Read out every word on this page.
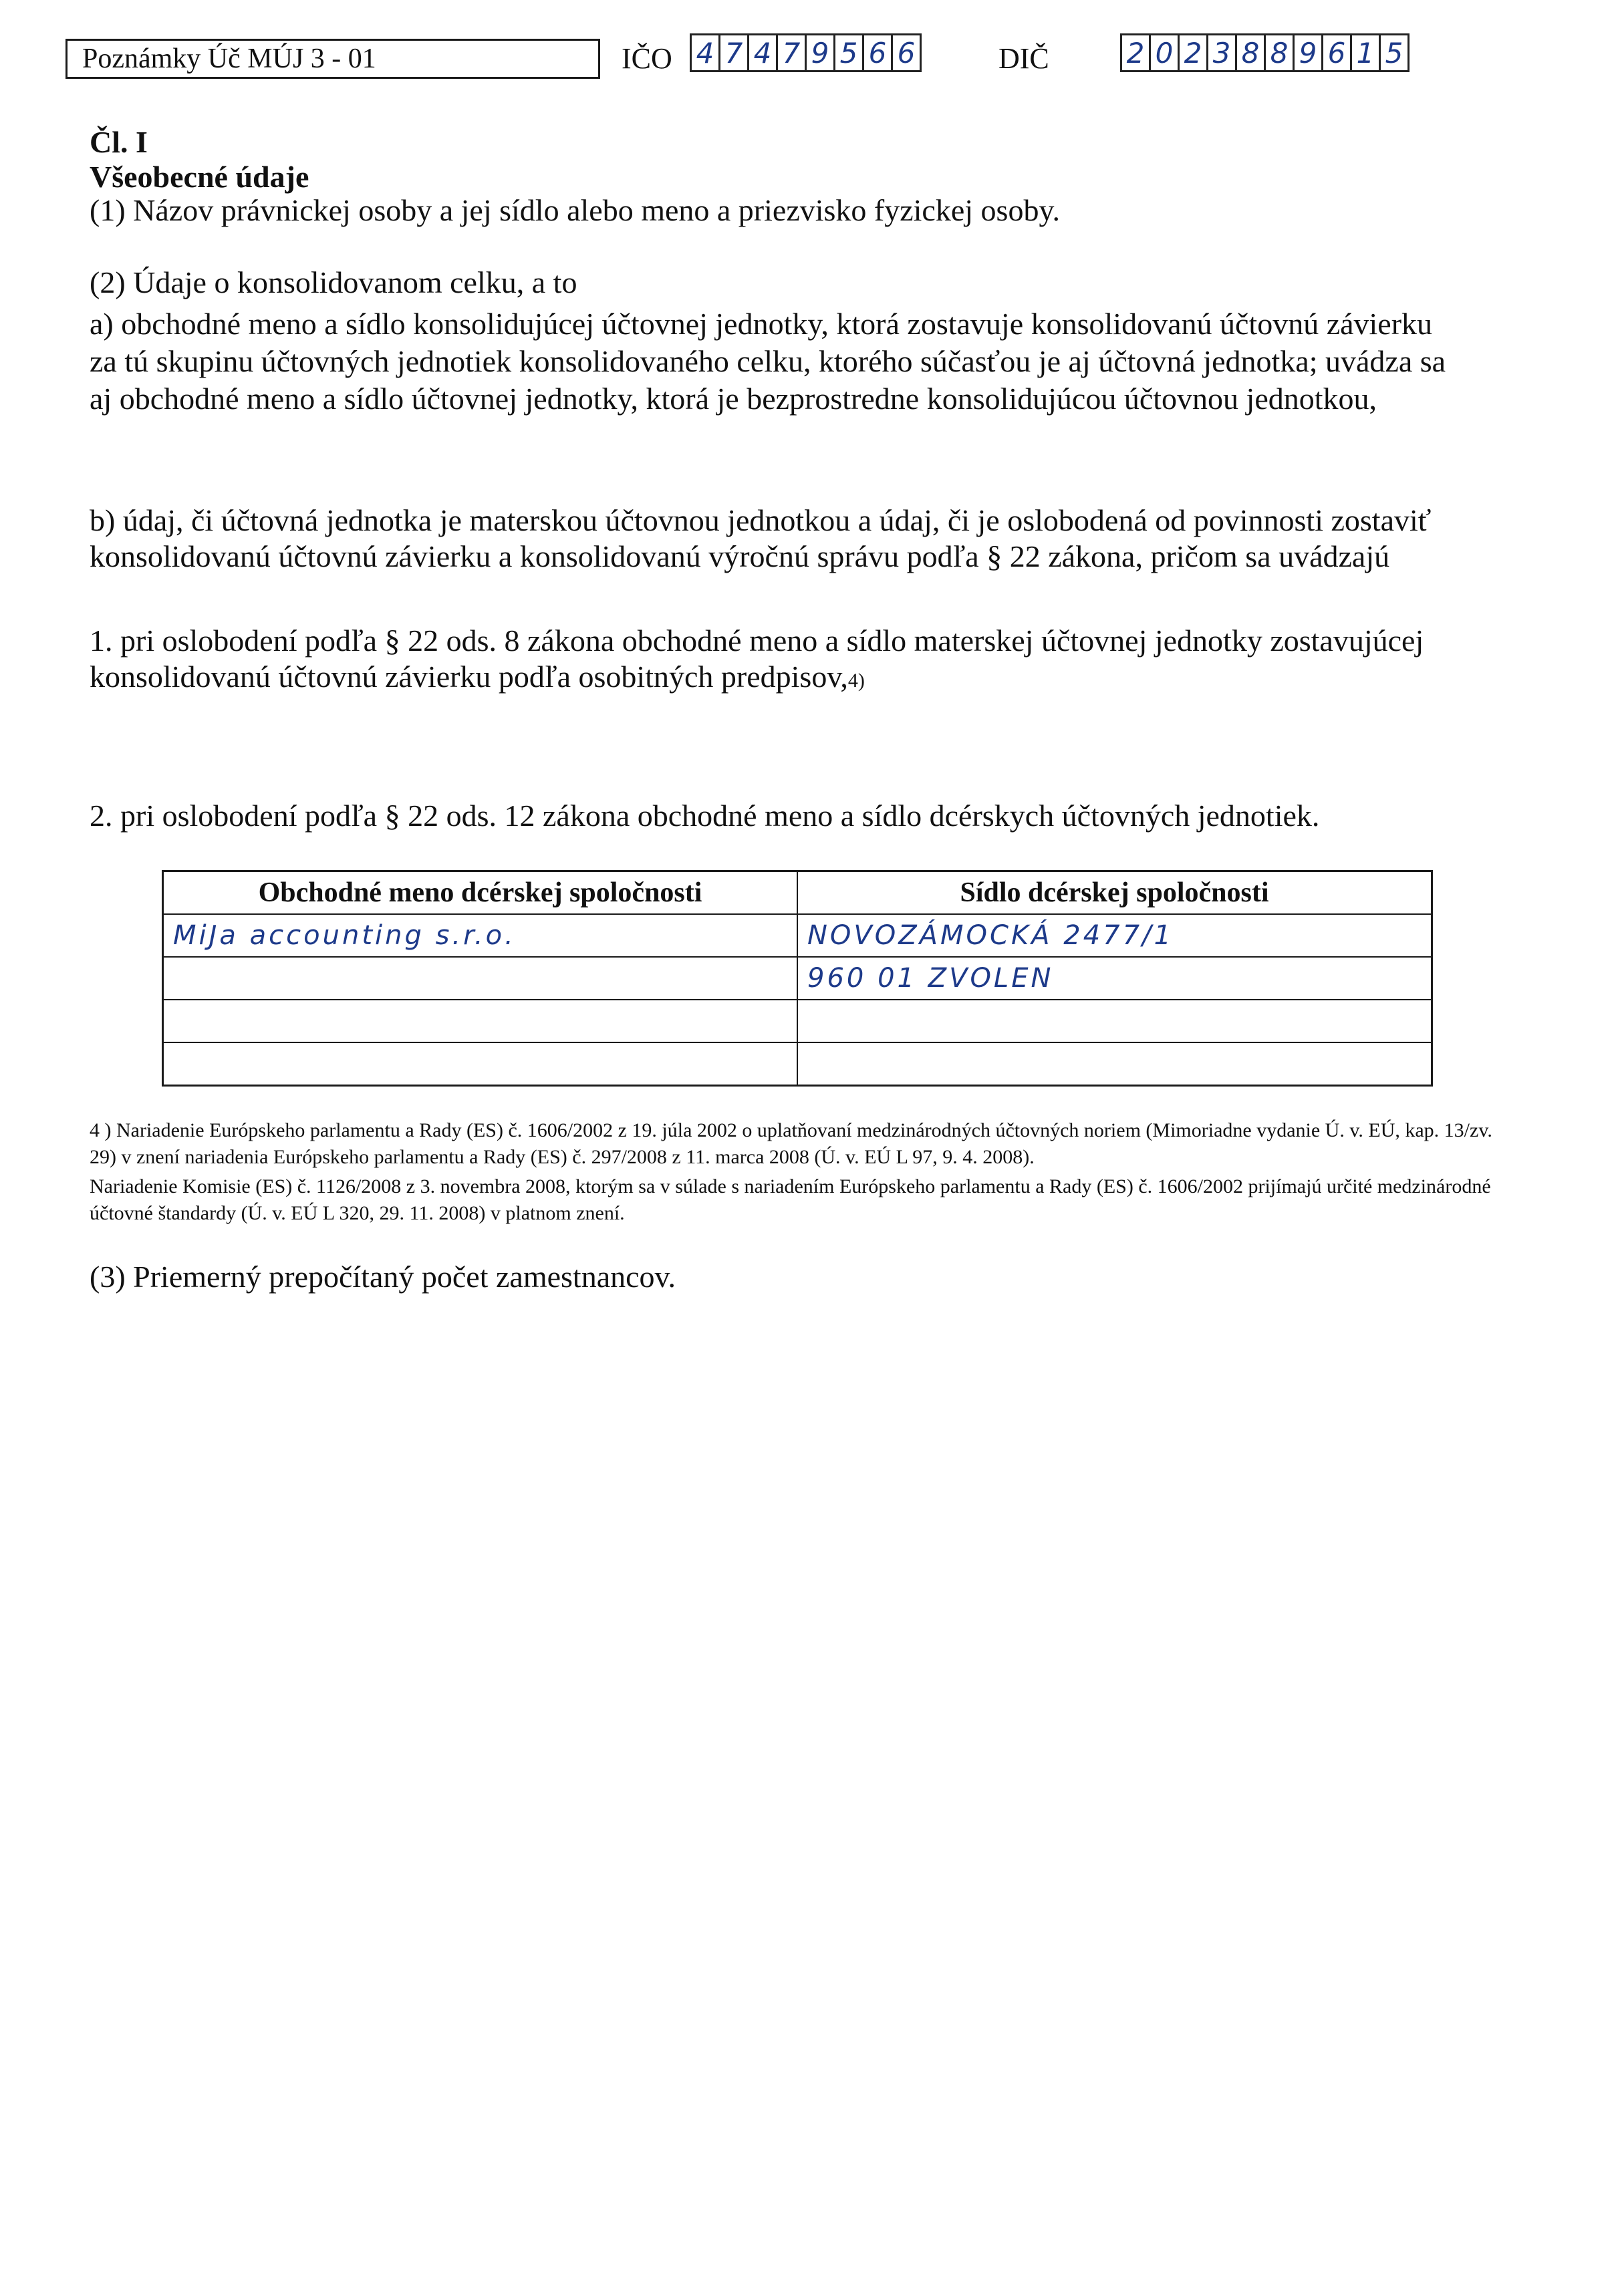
Poznámky Úč MÚJ 3 - 01	IČO 4 7 4 7 9 5 6 6	DIČ	2 0 2 3 8 8 9 6 1 5
Čl. I
Všeobecné údaje
(1) Názov právnickej osoby a jej sídlo alebo meno a priezvisko fyzickej osoby.
(2) Údaje o konsolidovanom celku, a to
a) obchodné meno a sídlo konsolidujúcej účtovnej jednotky, ktorá zostavuje konsolidovanú účtovnú závierku
za tú skupinu účtovných jednotiek konsolidovaného celku, ktorého súčasťou je aj účtovná jednotka; uvádza sa
aj obchodné meno a sídlo účtovnej jednotky, ktorá je bezprostredne konsolidujúcou účtovnou jednotkou,
b) údaj, či účtovná jednotka je materskou účtovnou jednotkou a údaj, či je oslobodená od povinnosti zostaviť
konsolidovanú účtovnú závierku a konsolidovanú výročnú správu podľa § 22 zákona, pričom sa uvádzajú
1. pri oslobodení podľa § 22 ods. 8 zákona obchodné meno a sídlo materskej účtovnej jednotky zostavujúcej
konsolidovanú účtovnú závierku podľa osobitných predpisov,4)
2. pri oslobodení podľa § 22 ods. 12 zákona obchodné meno a sídlo dcérskych účtovných jednotiek.
Obchodné meno dcérskej spoločnosti	Sídlo dcérskej spoločnosti
MiJa accounting s.r.o.	NOVOZÁMOCKÁ 2477/1
	960 01 ZVOLEN

4 ) Nariadenie Európskeho parlamentu a Rady (ES) č. 1606/2002 z 19. júla 2002 o uplatňovaní medzinárodných účtovných noriem (Mimoriadne vydanie Ú. v. EÚ, kap. 13/zv. 29) v znení nariadenia Európskeho parlamentu a Rady (ES) č. 297/2008 z 11. marca 2008 (Ú. v. EÚ L 97, 9. 4. 2008).
Nariadenie Komisie (ES) č. 1126/2008 z 3. novembra 2008, ktorým sa v súlade s nariadením Európskeho parlamentu a Rady (ES) č. 1606/2002 prijímajú určité medzinárodné účtovné štandardy (Ú. v. EÚ L 320, 29. 11. 2008) v platnom znení.
(3) Priemerný prepočítaný počet zamestnancov.
